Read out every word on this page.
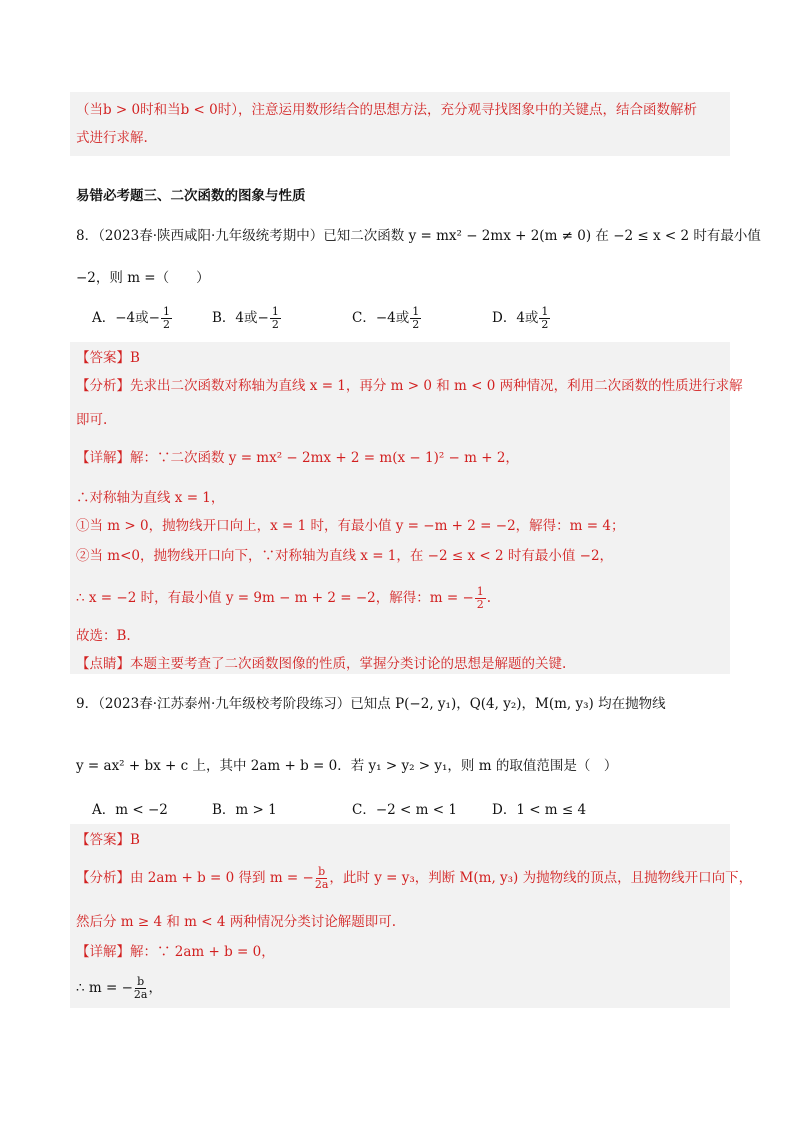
（当b > 0时和当b < 0时），注意运用数形结合的思想方法，充分观寻找图象中的关键点，结合函数解析
式进行求解.
易错必考题三、二次函数的图象与性质
8．（2023春·陕西咸阳·九年级统考期中）已知二次函数 y = mx² − 2mx + 2(m ≠ 0) 在 −2 ≤ x < 2 时有最小值
−2，则 m =（　　）
A．−4或− $\frac{1}{2}$	B．4或− $\frac{1}{2}$	C．−4或 $\frac{1}{2}$	D．4或 $\frac{1}{2}$
【答案】B
【分析】先求出二次函数对称轴为直线 x = 1，再分 m > 0 和 m < 0 两种情况，利用二次函数的性质进行求解
即可.
【详解】解：∵二次函数 y = mx² − 2mx + 2 = m(x − 1)² − m + 2，
∴对称轴为直线 x = 1，
①当 m > 0，抛物线开口向上，x = 1 时，有最小值 y = −m + 2 = −2，解得：m = 4；
②当 m<0，抛物线开口向下，∵对称轴为直线 x = 1，在 −2 ≤ x < 2 时有最小值 −2，
∴ x = −2 时，有最小值 y = 9m − m + 2 = −2，解得：m = − $\frac{1}{2}$ .
故选：B.
【点睛】本题主要考查了二次函数图像的性质，掌握分类讨论的思想是解题的关键.
9．（2023春·江苏泰州·九年级校考阶段练习）已知点 P(−2, y₁)，Q(4, y₂)，M(m, y₃) 均在抛物线
y = ax² + bx + c 上，其中 2am + b = 0．若 y₁ > y₂ > y₁，则 m 的取值范围是（　）
A．m < −2	B．m > 1	C．−2 < m < 1	D．1 < m ≤ 4
【答案】B
【分析】由 2am + b = 0 得到 m = − $\frac{b}{2a}$ ，此时 y = y₃，判断 M(m, y₃) 为抛物线的顶点，且抛物线开口向下，
然后分 m ≥ 4 和 m < 4 两种情况分类讨论解题即可.
【详解】解：∵ 2am + b = 0，
∴ m = − $\frac{b}{2a}$ ，
